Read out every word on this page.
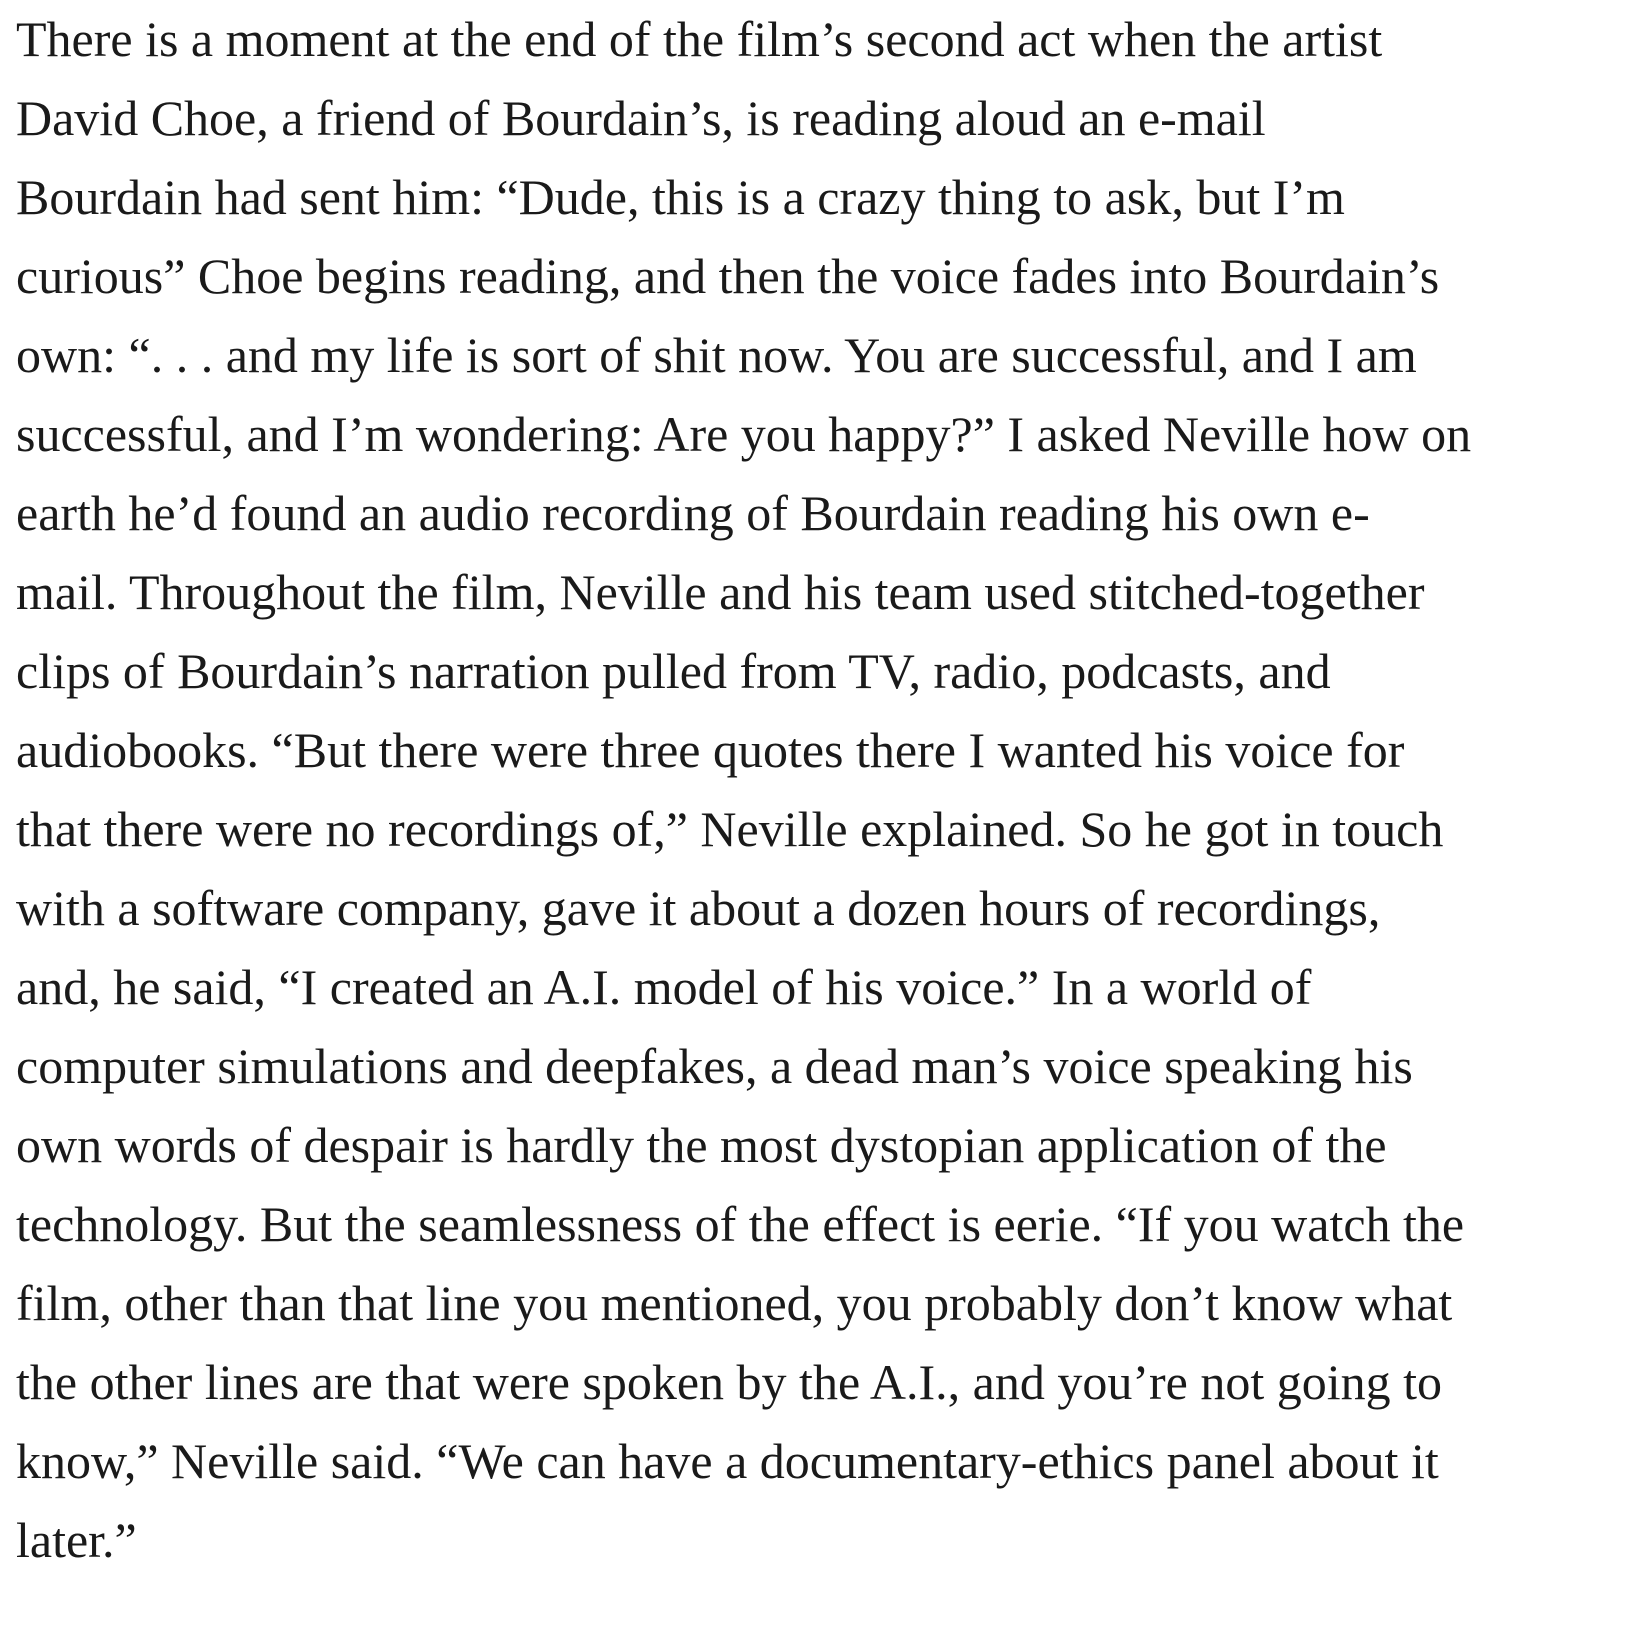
There is a moment at the end of the film’s second act when the artist
David Choe, a friend of Bourdain’s, is reading aloud an e-mail
Bourdain had sent him: “Dude, this is a crazy thing to ask, but I’m
curious” Choe begins reading, and then the voice fades into Bourdain’s
own: “. . . and my life is sort of shit now. You are successful, and I am
successful, and I’m wondering: Are you happy?” I asked Neville how on
earth he’d found an audio recording of Bourdain reading his own e-
mail. Throughout the film, Neville and his team used stitched-together
clips of Bourdain’s narration pulled from TV, radio, podcasts, and
audiobooks. “But there were three quotes there I wanted his voice for
that there were no recordings of,” Neville explained. So he got in touch
with a software company, gave it about a dozen hours of recordings,
and, he said, “I created an A.I. model of his voice.” In a world of
computer simulations and deepfakes, a dead man’s voice speaking his
own words of despair is hardly the most dystopian application of the
technology. But the seamlessness of the effect is eerie. “If you watch the
film, other than that line you mentioned, you probably don’t know what
the other lines are that were spoken by the A.I., and you’re not going to
know,” Neville said. “We can have a documentary-ethics panel about it
later.”
